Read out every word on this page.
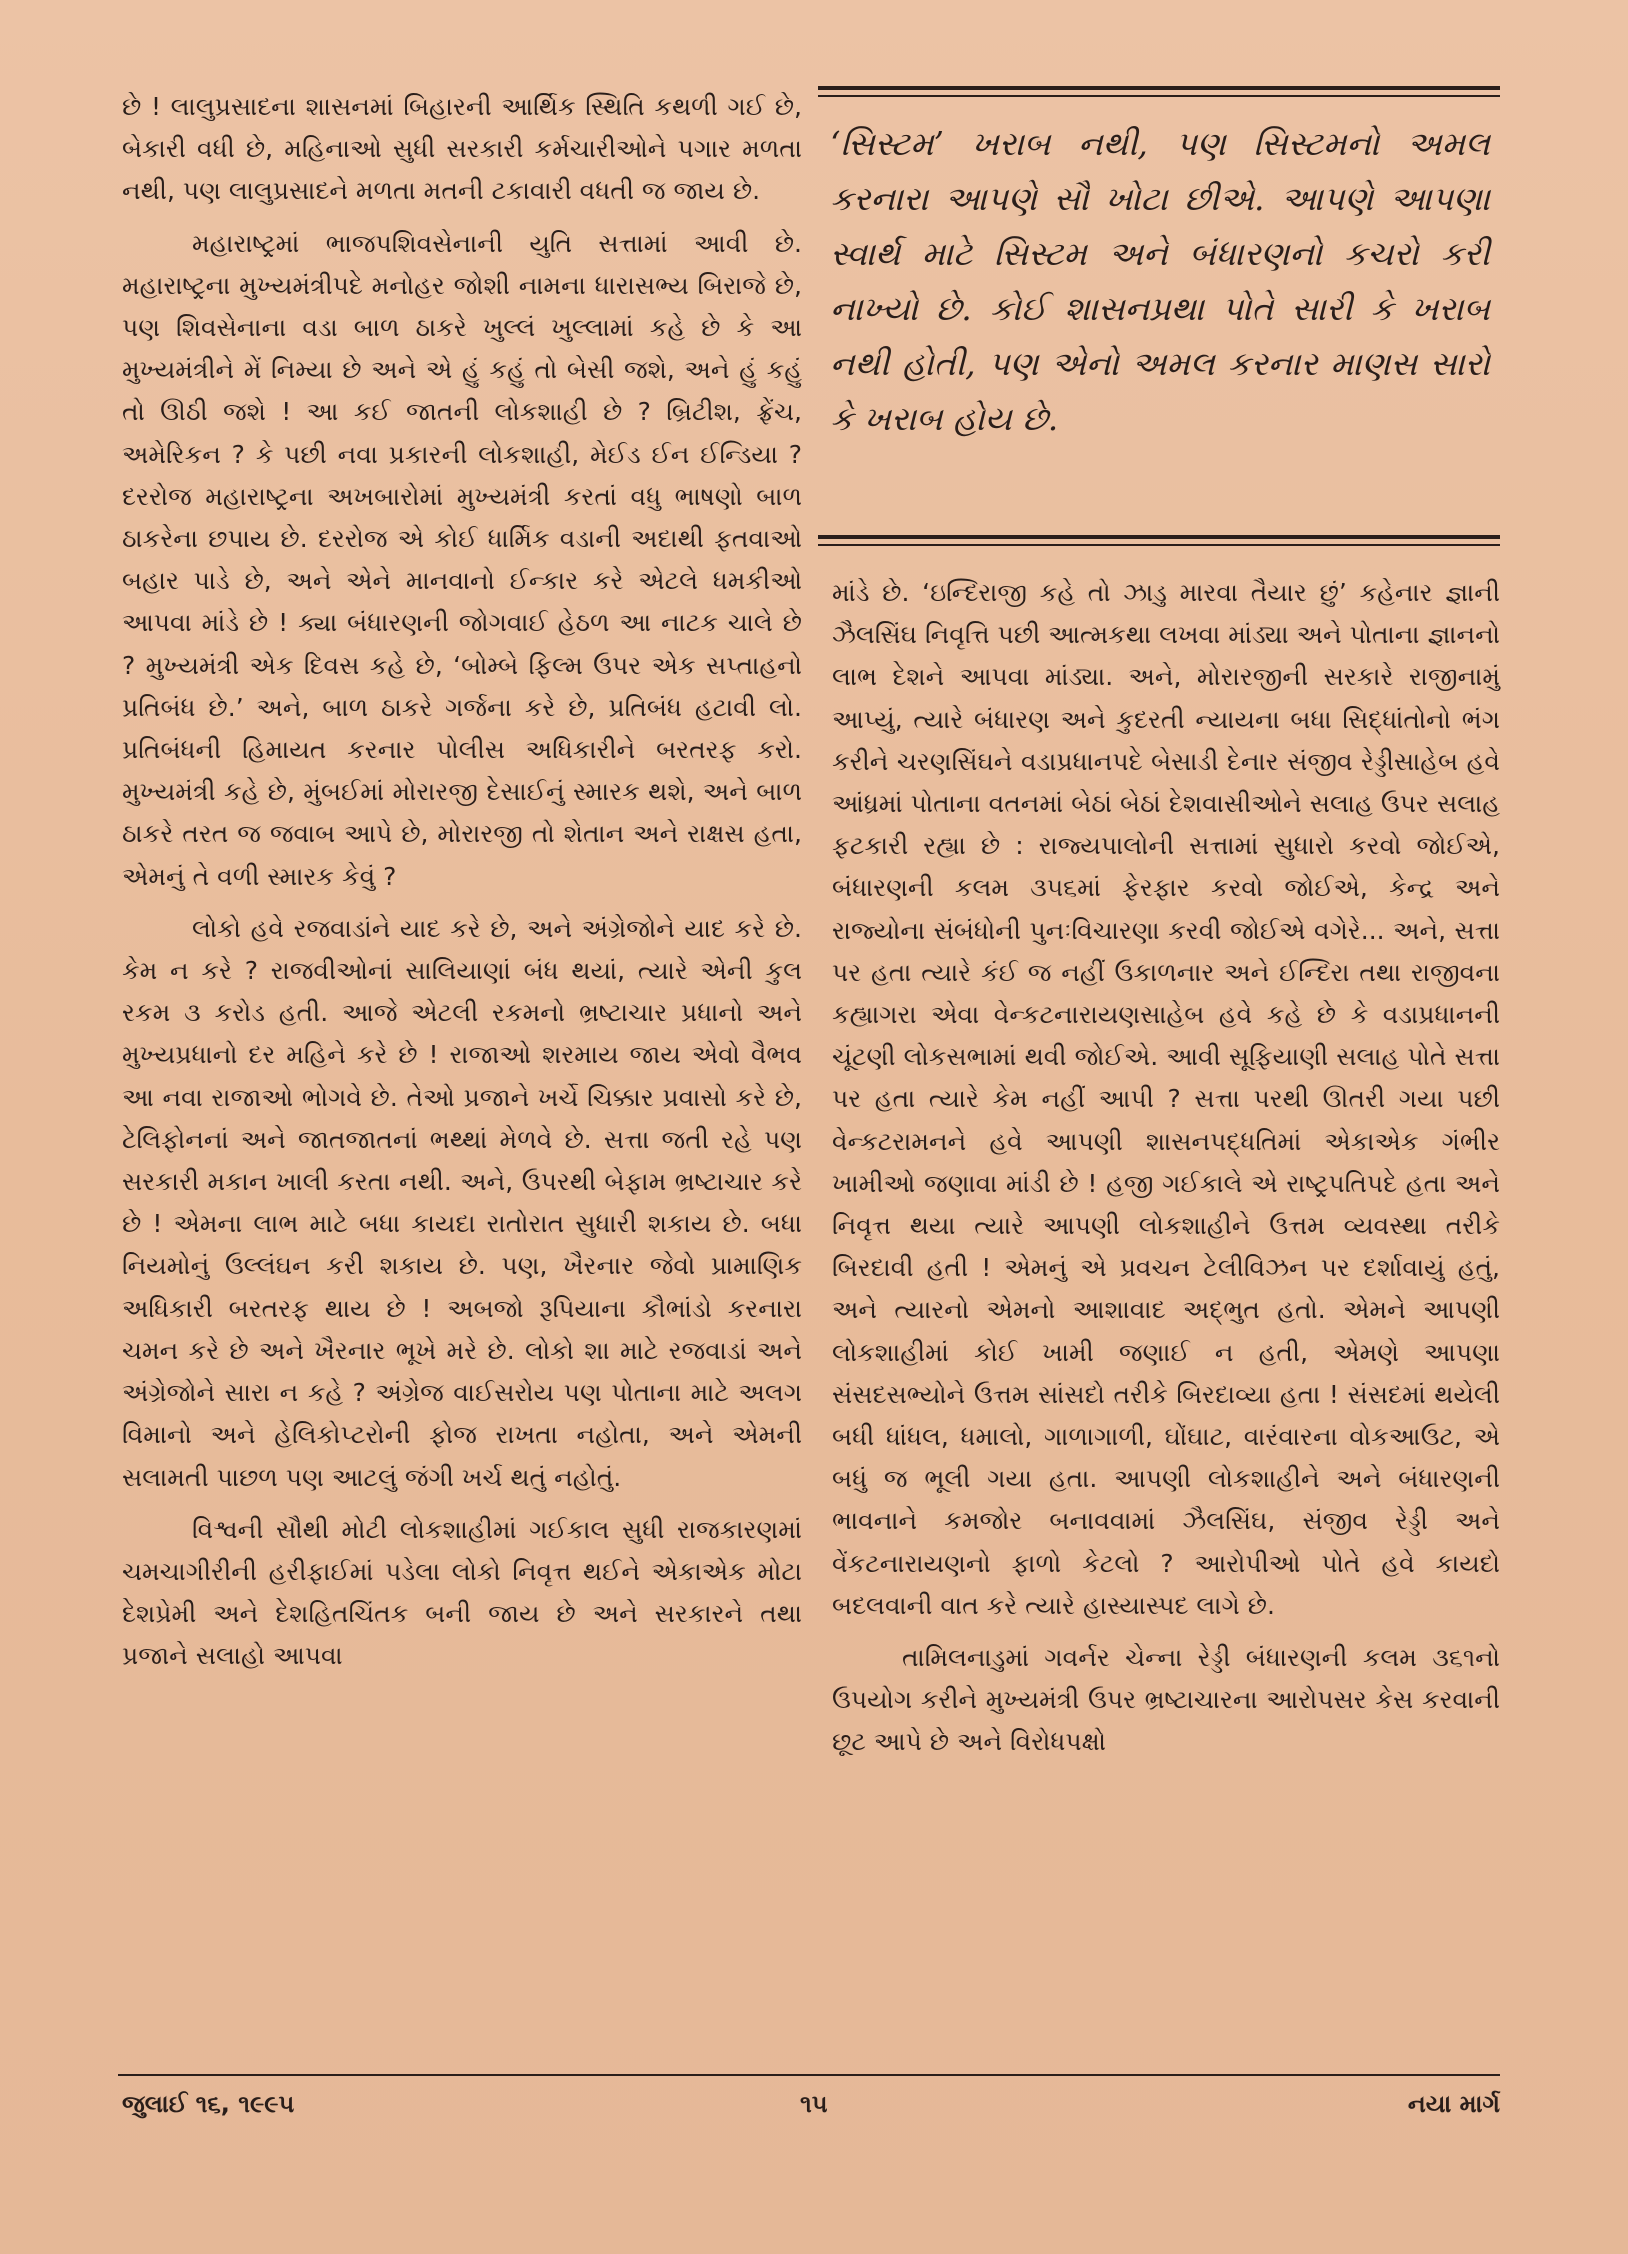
છે ! લાલુપ્રસાદના શાસનમાં બિહારની આર્થિક સ્થિતિ કથળી ગઈ છે, બેકારી વધી છે, મહિનાઓ સુધી સરકારી કર્મચારીઓને પગાર મળતા નથી, પણ લાલુપ્રસાદને મળતા મતની ટકાવારી વધતી જ જાય છે.

મહારાષ્ટ્રમાં ભાજપશિવસેનાની યુતિ સત્તામાં આવી છે. મહારાષ્ટ્રના મુખ્યમંત્રીપદે મનોહર જોશી નામના ધારાસભ્ય બિરાજે છે, પણ શિવસેનાના વડા બાળ ઠાકરે ખુલ્લં ખુલ્લામાં કહે છે કે આ મુખ્યમંત્રીને મેં નિમ્યા છે અને એ હું કહું તો બેસી જશે, અને હું કહું તો ઊઠી જશે ! આ કઈ જાતની લોકશાહી છે ? બ્રિટીશ, ફ્રેંચ, અમેરિકન ? કે પછી નવા પ્રકારની લોકશાહી, મેઈડ ઈન ઈન્ડિયા ? દરરોજ મહારાષ્ટ્રના અખબારોમાં મુખ્યમંત્રી કરતાં વધુ ભાષણો બાળ ઠાકરેના છપાય છે. દરરોજ એ કોઈ ધાર્મિક વડાની અદાથી ફતવાઓ બહાર પાડે છે, અને એને માનવાનો ઈન્કાર કરે એટલે ધમકીઓ આપવા માંડે છે ! ક્યા બંધારણની જોગવાઈ હેઠળ આ નાટક ચાલે છે ? મુખ્યમંત્રી એક દિવસ કહે છે, ‘બોમ્બે ફિલ્મ ઉપર એક સપ્તાહનો પ્રતિબંધ છે.’ અને, બાળ ઠાકરે ગર્જના કરે છે, પ્રતિબંધ હટાવી લો. પ્રતિબંધની હિમાયત કરનાર પોલીસ અધિકારીને બરતરફ કરો. મુખ્યમંત્રી કહે છે, મુંબઈમાં મોરારજી દેસાઈનું સ્મારક થશે, અને બાળ ઠાકરે તરત જ જવાબ આપે છે, મોરારજી તો શેતાન અને રાક્ષસ હતા, એમનું તે વળી સ્મારક કેવું ?

લોકો હવે રજવાડાંને યાદ કરે છે, અને અંગ્રેજોને યાદ કરે છે. કેમ ન કરે ? રાજવીઓનાં સાલિયાણાં બંધ થયાં, ત્યારે એની કુલ રકમ ૩ કરોડ હતી. આજે એટલી રકમનો ભ્રષ્ટાચાર પ્રધાનો અને મુખ્યપ્રધાનો દર મહિને કરે છે ! રાજાઓ શરમાય જાય એવો વૈભવ આ નવા રાજાઓ ભોગવે છે. તેઓ પ્રજાને ખર્ચે ચિક્કાર પ્રવાસો કરે છે, ટેલિફોનનાં અને જાતજાતનાં ભથ્થાં મેળવે છે. સત્તા જતી રહે પણ સરકારી મકાન ખાલી કરતા નથી. અને, ઉપરથી બેફામ ભ્રષ્ટાચાર કરે છે ! એમના લાભ માટે બધા કાયદા રાતોરાત સુધારી શકાય છે. બધા નિયમોનું ઉલ્લંઘન કરી શકાય છે. પણ, ખૈરનાર જેવો પ્રામાણિક અધિકારી બરતરફ થાય છે ! અબજો રૂપિયાના કૌભાંડો કરનારા ચમન કરે છે અને ખૈરનાર ભૂખે મરે છે. લોકો શા માટે રજવાડાં અને અંગ્રેજોને સારા ન કહે ? અંગ્રેજ વાઈસરોય પણ પોતાના માટે અલગ વિમાનો અને હેલિકોપ્ટરોની ફોજ રાખતા નહોતા, અને એમની સલામતી પાછળ પણ આટલું જંગી ખર્ચ થતું નહોતું.

વિશ્વની સૌથી મોટી લોકશાહીમાં ગઈકાલ સુધી રાજકારણમાં ચમચાગીરીની હરીફાઈમાં પડેલા લોકો નિવૃત્ત થઈને એકાએક મોટા દેશપ્રેમી અને દેશહિતચિંતક બની જાય છે અને સરકારને તથા પ્રજાને સલાહો આપવા

‘સિસ્ટમ’ ખરાબ નથી, પણ સિસ્ટમનો અમલ કરનારા આપણે સૌ ખોટા છીએ. આપણે આપણા સ્વાર્થ માટે સિસ્ટમ અને બંધારણનો કચરો કરી નાખ્યો છે. કોઈ શાસનપ્રથા પોતે સારી કે ખરાબ નથી હોતી, પણ એનો અમલ કરનાર માણસ સારો કે ખરાબ હોય છે.

માંડે છે. ‘ઇન્દિરાજી કહે તો ઝાડુ મારવા તૈયાર છું’ કહેનાર જ્ઞાની ઝૈલસિંઘ નિવૃત્તિ પછી આત્મકથા લખવા માંડ્યા અને પોતાના જ્ઞાનનો લાભ દેશને આપવા માંડ્યા. અને, મોરારજીની સરકારે રાજીનામું આપ્યું, ત્યારે બંધારણ અને કુદરતી ન્યાયના બધા સિદ્ધાંતોનો ભંગ કરીને ચરણસિંઘને વડાપ્રધાનપદે બેસાડી દેનાર સંજીવ રેડ્ડીસાહેબ હવે આંધ્રમાં પોતાના વતનમાં બેઠાં બેઠાં દેશવાસીઓને સલાહ ઉપર સલાહ ફટકારી રહ્યા છે : રાજ્યપાલોની સત્તામાં સુધારો કરવો જોઈએ, બંધારણની કલમ ૩૫૬માં ફેરફાર કરવો જોઈએ, કેન્દ્ર અને રાજ્યોના સંબંધોની પુનઃવિચારણા કરવી જોઈએ વગેરે... અને, સત્તા પર હતા ત્યારે કંઈ જ નહીં ઉકાળનાર અને ઈન્દિરા તથા રાજીવના કહ્યાગરા એવા વેન્કટનારાયણસાહેબ હવે કહે છે કે વડાપ્રધાનની ચૂંટણી લોકસભામાં થવી જોઈએ. આવી સૂફિયાણી સલાહ પોતે સત્તા પર હતા ત્યારે કેમ નહીં આપી ? સત્તા પરથી ઊતરી ગયા પછી વેન્કટરામનને હવે આપણી શાસનપદ્ધતિમાં એકાએક ગંભીર ખામીઓ જણાવા માંડી છે ! હજી ગઈકાલે એ રાષ્ટ્રપતિપદે હતા અને નિવૃત્ત થયા ત્યારે આપણી લોકશાહીને ઉત્તમ વ્યવસ્થા તરીકે બિરદાવી હતી ! એમનું એ પ્રવચન ટેલીવિઝન પર દર્શાવાયું હતું, અને ત્યારનો એમનો આશાવાદ અદ્ભુત હતો. એમને આપણી લોકશાહીમાં કોઈ ખામી જણાઈ ન હતી, એમણે આપણા સંસદસભ્યોને ઉત્તમ સાંસદો તરીકે બિરદાવ્યા હતા ! સંસદમાં થયેલી બધી ધાંધલ, ધમાલો, ગાળાગાળી, ઘોંઘાટ, વારંવારના વોકઆઉટ, એ બધું જ ભૂલી ગયા હતા. આપણી લોકશાહીને અને બંધારણની ભાવનાને કમજોર બનાવવામાં ઝૈલસિંઘ, સંજીવ રેડ્ડી અને વેંકટનારાયણનો ફાળો કેટલો ? આરોપીઓ પોતે હવે કાયદો બદલવાની વાત કરે ત્યારે હાસ્યાસ્પદ લાગે છે.

તામિલનાડુમાં ગવર્નર ચેન્ના રેડ્ડી બંધારણની કલમ ૩૬૧નો ઉપયોગ કરીને મુખ્યમંત્રી ઉપર ભ્રષ્ટાચારના આરોપસર કેસ કરવાની છૂટ આપે છે અને વિરોધપક્ષો

જુલાઈ ૧૬, ૧૯૯૫	૧૫	નયા માર્ગ
